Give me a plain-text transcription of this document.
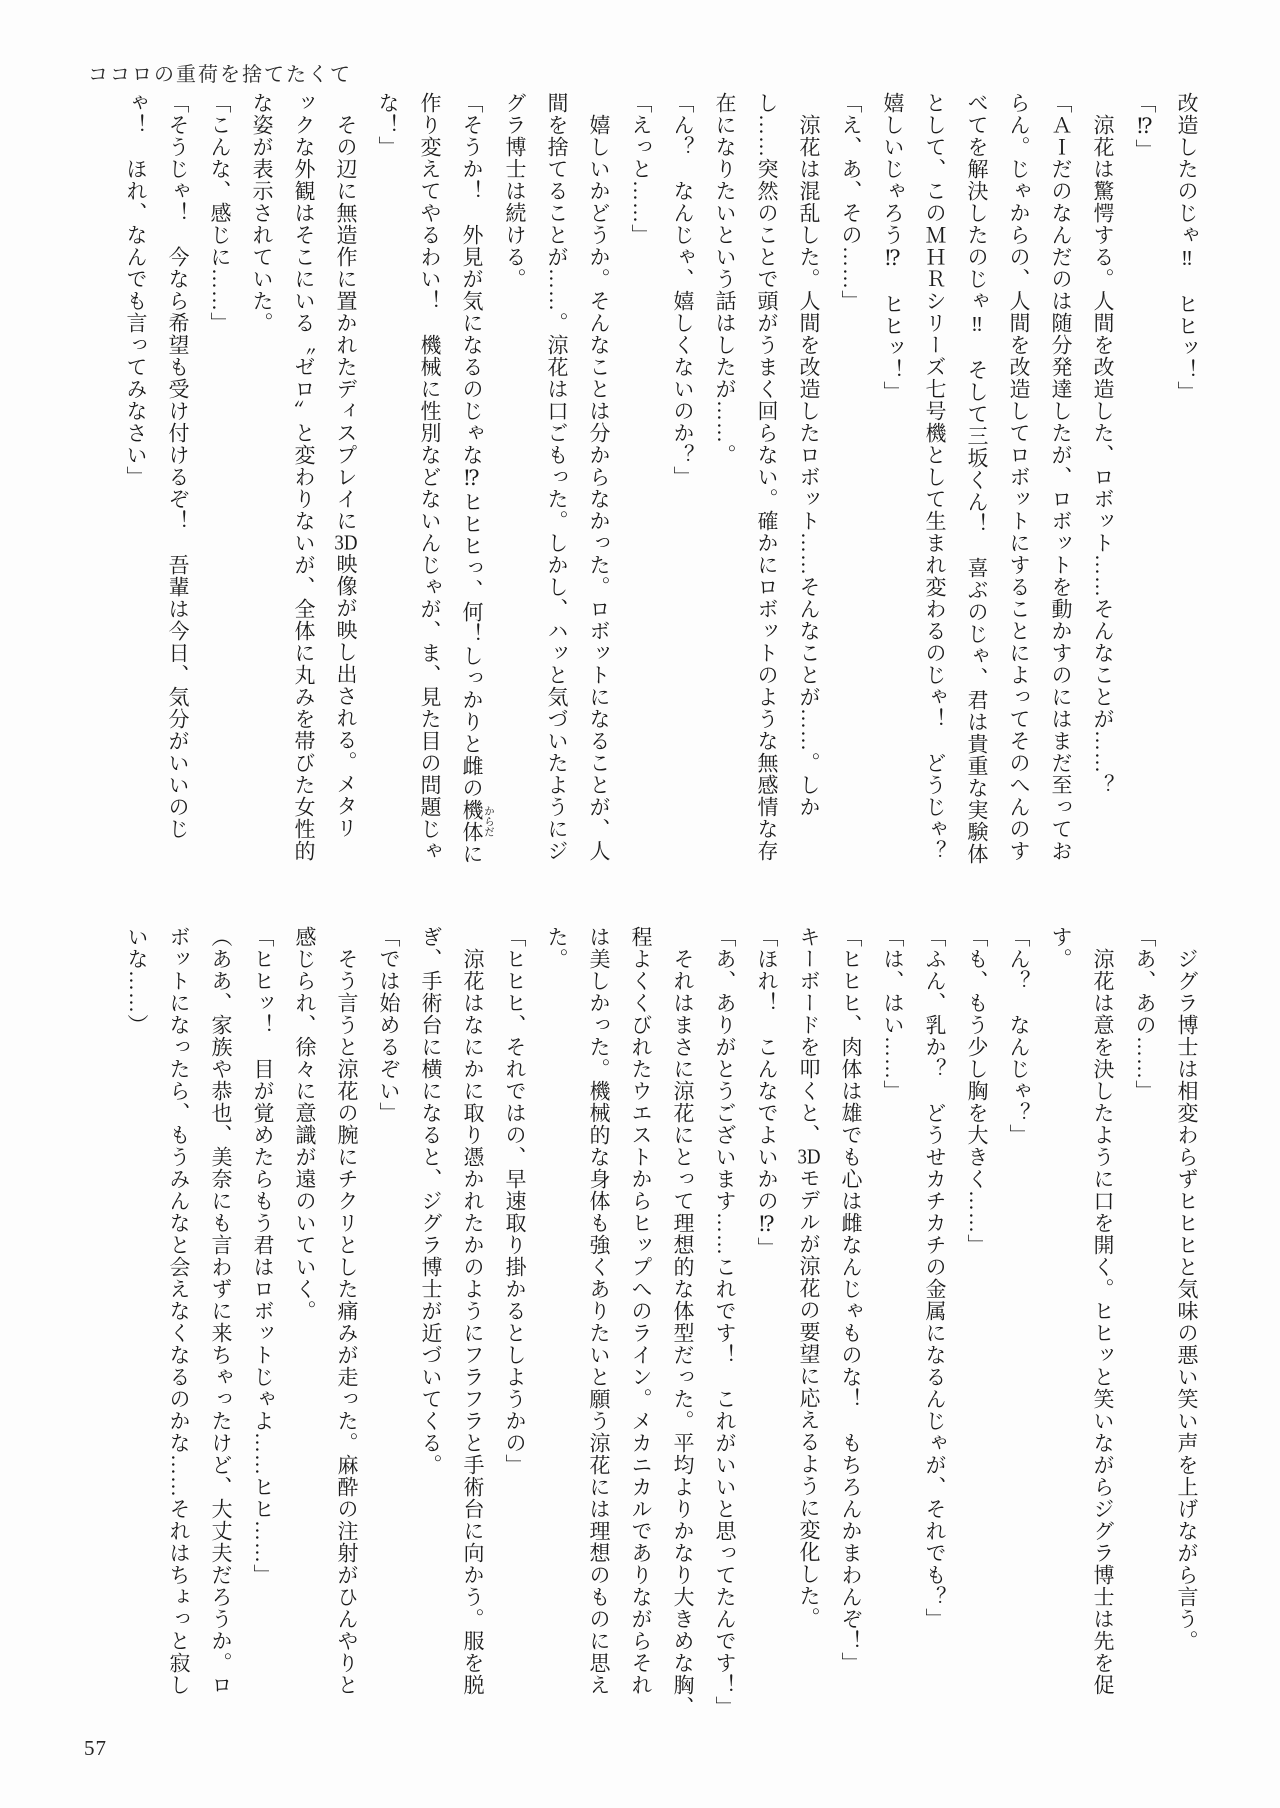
ココロの重荷を捨てたくて

改造したのじゃ‼　ヒヒッ！」

「⁉」

涼花は驚愕する。人間を改造した、ロボット……そんなことが……？

「ＡＩだのなんだのは随分発達したが、ロボットを動かすのにはまだ至ってお

らん。じゃからの、人間を改造してロボットにすることによってそのへんのす

べてを解決したのじゃ‼　そして三坂くん！　喜ぶのじゃ、君は貴重な実験体

として、このＭＨＲシリーズ七号機として生まれ変わるのじゃ！　どうじゃ？

嬉しいじゃろう⁉　ヒヒッ！」

「え、あ、その……」

涼花は混乱した。人間を改造したロボット……そんなことが……。しか

し……突然のことで頭がうまく回らない。確かにロボットのような無感情な存

在になりたいという話はしたが……。

「ん？　なんじゃ、嬉しくないのか？」

「えっと……」

嬉しいかどうか。そんなことは分からなかった。ロボットになることが、人

間を捨てることが……。涼花は口ごもった。しかし、ハッと気づいたようにジ

グラ博士は続ける。

「そうか！　外見が気になるのじゃな⁉ヒヒヒっ、何！しっかりと雌の機体 からだに

作り変えてやるわい！　機械に性別などないんじゃが、ま、見た目の問題じゃ

な！」

その辺に無造作に置かれたディスプレイに3D映像が映し出される。メタリ

ックな外観はそこにいる〝ゼロ〟と変わりないが、全体に丸みを帯びた女性的

な姿が表示されていた。

「こんな、感じに……」

「そうじゃ！　今なら希望も受け付けるぞ！　吾輩は今日、気分がいいのじ

ゃ！　ほれ、なんでも言ってみなさい」

ジグラ博士は相変わらずヒヒヒと気味の悪い笑い声を上げながら言う。

「あ、あの……」

涼花は意を決したように口を開く。ヒヒッと笑いながらジグラ博士は先を促

す。

「ん？　なんじゃ？」

「も、もう少し胸を大きく……」

「ふん、乳か？　どうせカチカチの金属になるんじゃが、それでも？」

「は、はい……」

「ヒヒヒ、肉体は雄でも心は雌なんじゃものな！　もちろんかまわんぞ！」

キーボードを叩くと、3Dモデルが涼花の要望に応えるように変化した。

「ほれ！　こんなでよいかの⁉」

「あ、ありがとうございます……これです！　これがいいと思ってたんです！」

それはまさに涼花にとって理想的な体型だった。平均よりかなり大きめな胸、

程よくくびれたウエストからヒップへのライン。メカニカルでありながらそれ

は美しかった。機械的な身体も強くありたいと願う涼花には理想のものに思え

た。

「ヒヒヒ、それではの、早速取り掛かるとしようかの」

涼花はなにかに取り憑かれたかのようにフラフラと手術台に向かう。服を脱

ぎ、手術台に横になると、ジグラ博士が近づいてくる。

「では始めるぞい」

そう言うと涼花の腕にチクリとした痛みが走った。麻酔の注射がひんやりと

感じられ、徐々に意識が遠のいていく。

「ヒヒッ！　目が覚めたらもう君はロボットじゃよ……ヒヒ……」

（ああ、家族や恭也、美奈にも言わずに来ちゃったけど、大丈夫だろうか。ロ

ボットになったら、もうみんなと会えなくなるのかな……それはちょっと寂し

いな……）

57
